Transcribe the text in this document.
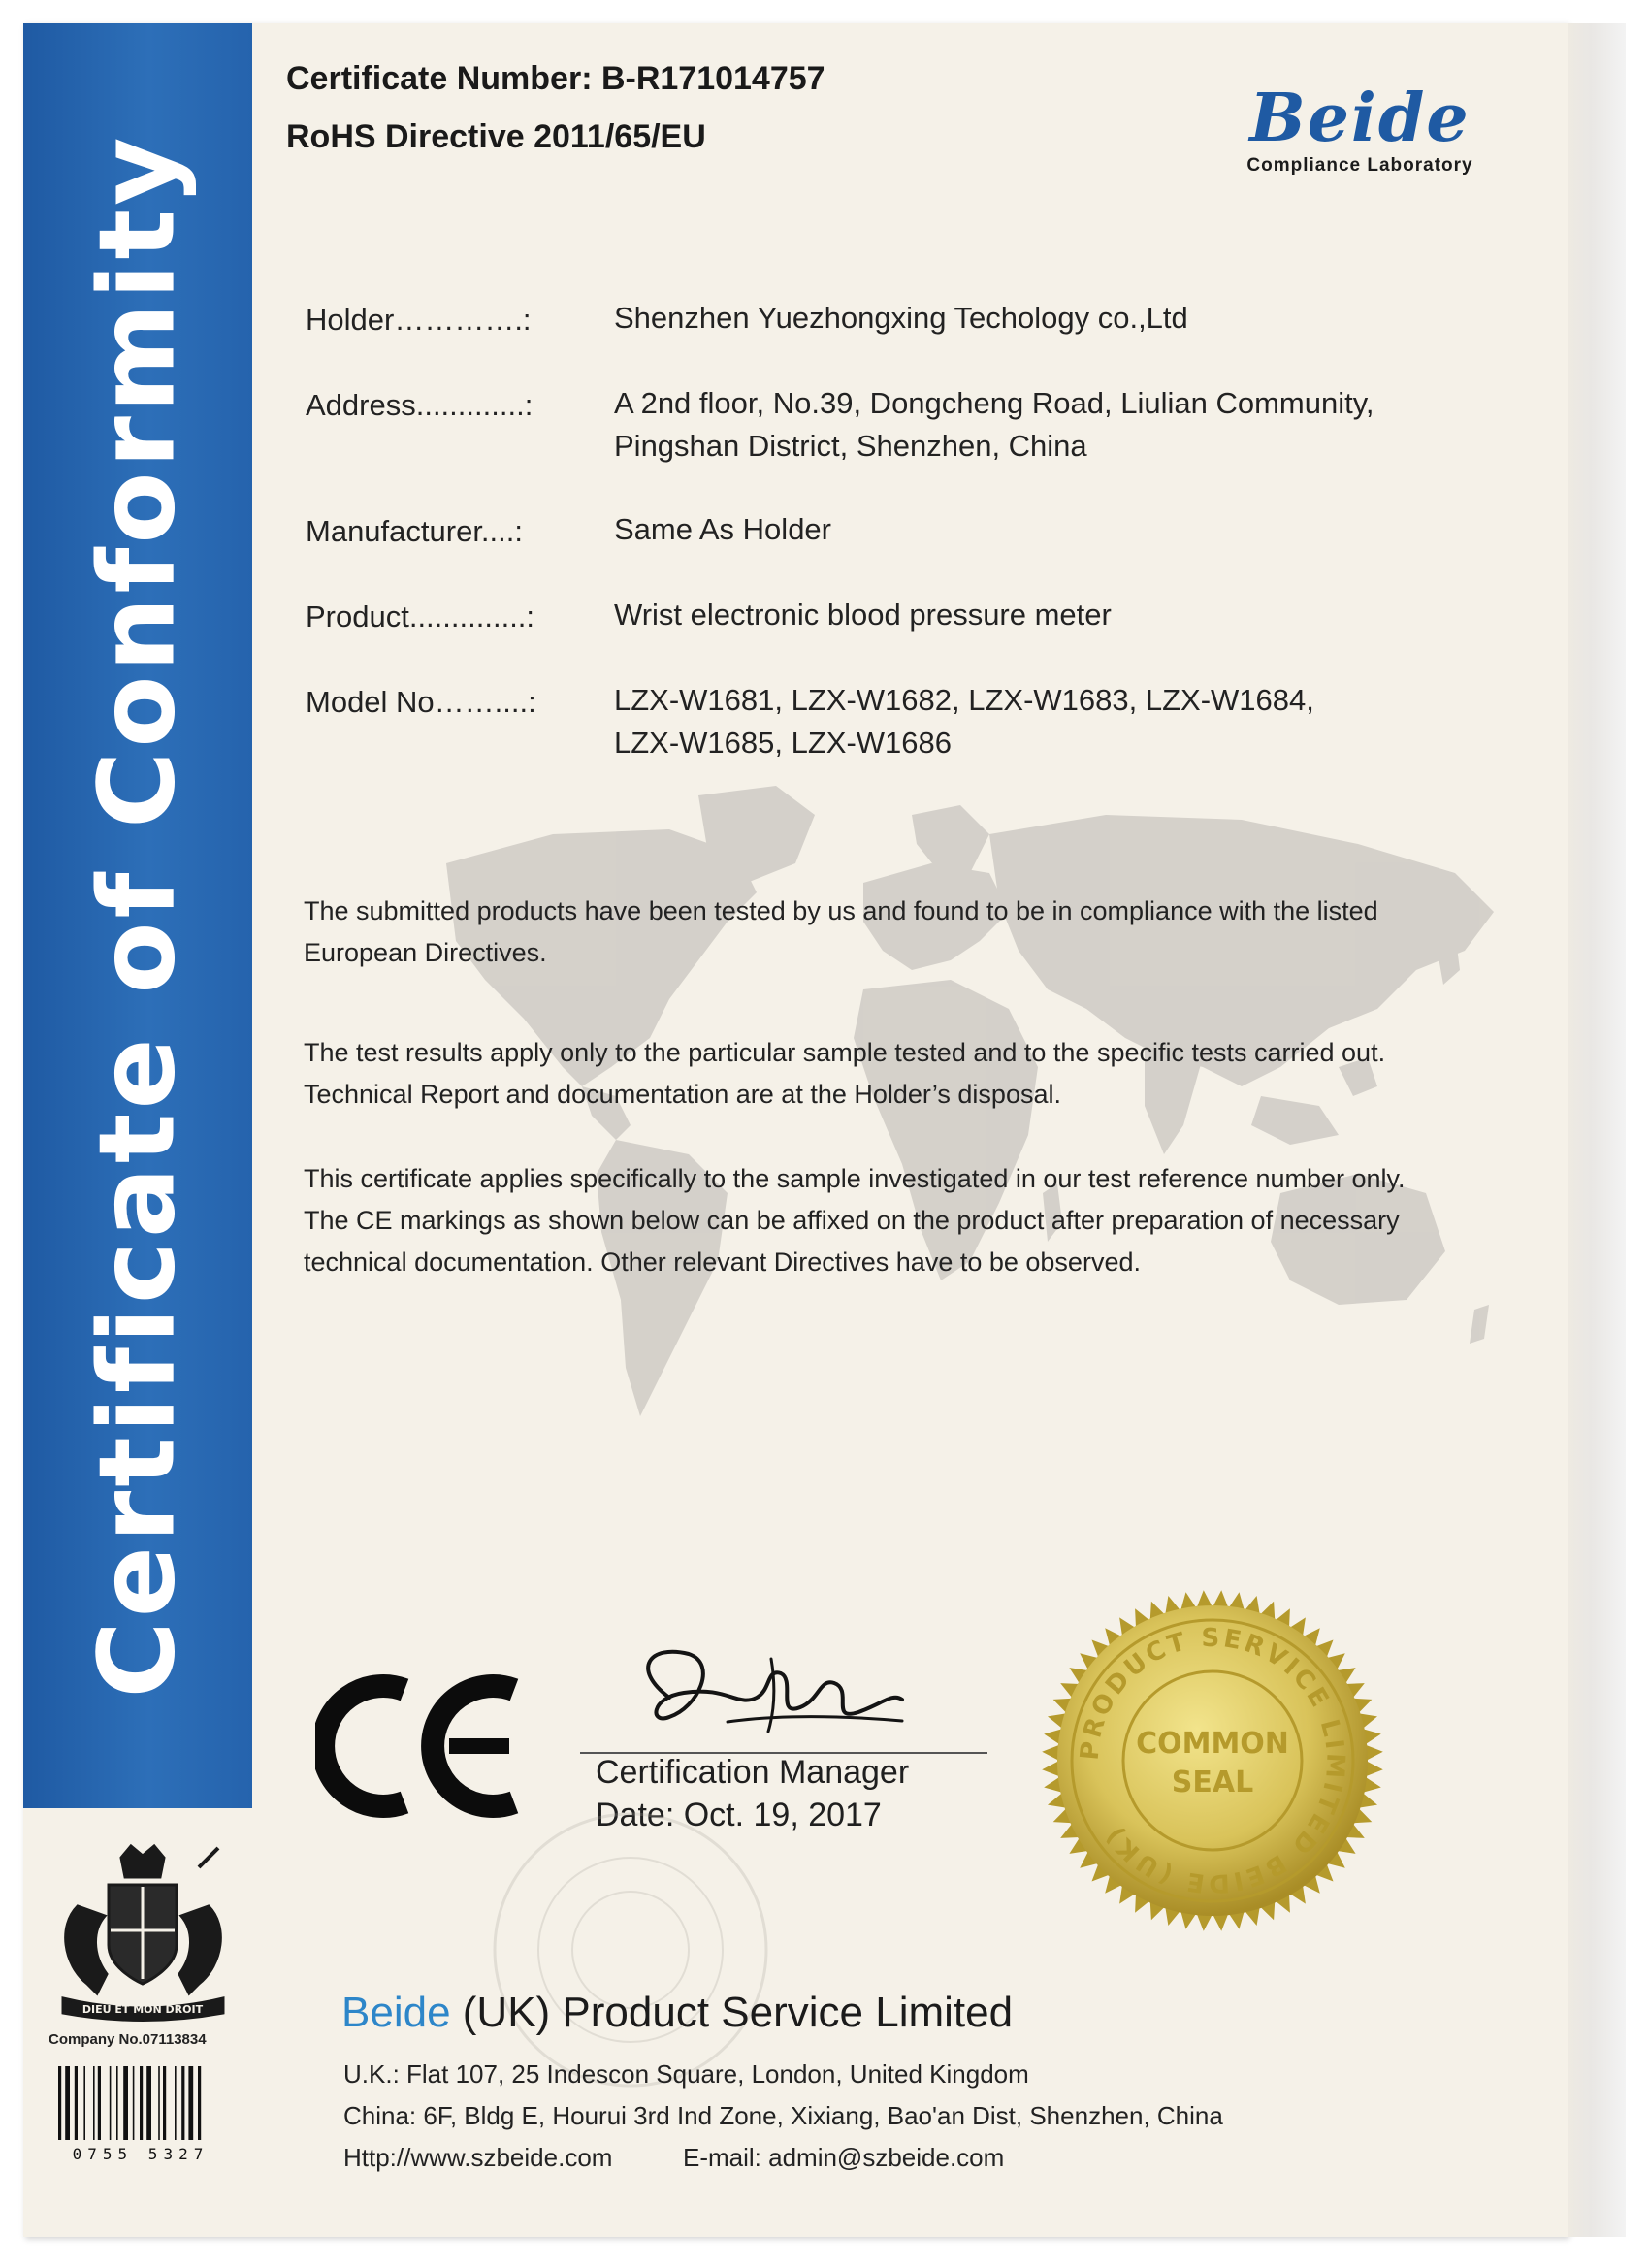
Certificate of Conformity
Certificate Number: B-R171014757
RoHS Directive 2011/65/EU	Beide
Compliance Laboratory
Holder………….:	Shenzhen Yuezhongxing Techology co.,Ltd
Address.............:	A 2nd floor, No.39, Dongcheng Road, Liulian Community,
Pingshan District, Shenzhen, China
Manufacturer....:	Same As Holder
Product..............:	Wrist electronic blood pressure meter
Model No……....:	LZX-W1681, LZX-W1682, LZX-W1683, LZX-W1684,
LZX-W1685, LZX-W1686
The submitted products have been tested by us and found to be in compliance with the listed
European Directives.
The test results apply only to the particular sample tested and to the specific tests carried out.
Technical Report and documentation are at the Holder’s disposal.
This certificate applies specifically to the sample investigated in our test reference number only.
The CE markings as shown below can be affixed on the product after preparation of necessary
technical documentation. Other relevant Directives have to be observed.
Certification Manager
Date: Oct. 19, 2017
PRODUCT SERVICE LIMITED BEIDE (UK)
COMMON
SEAL
DIEU ET MON DROIT
Company No.07113834
0755 5327
Beide (UK) Product Service Limited
U.K.: Flat 107, 25 Indescon Square, London, United Kingdom
China: 6F, Bldg E, Hourui 3rd Ind Zone, Xixiang, Bao'an Dist, Shenzhen, China
Http://www.szbeide.com	E-mail: admin@szbeide.com
